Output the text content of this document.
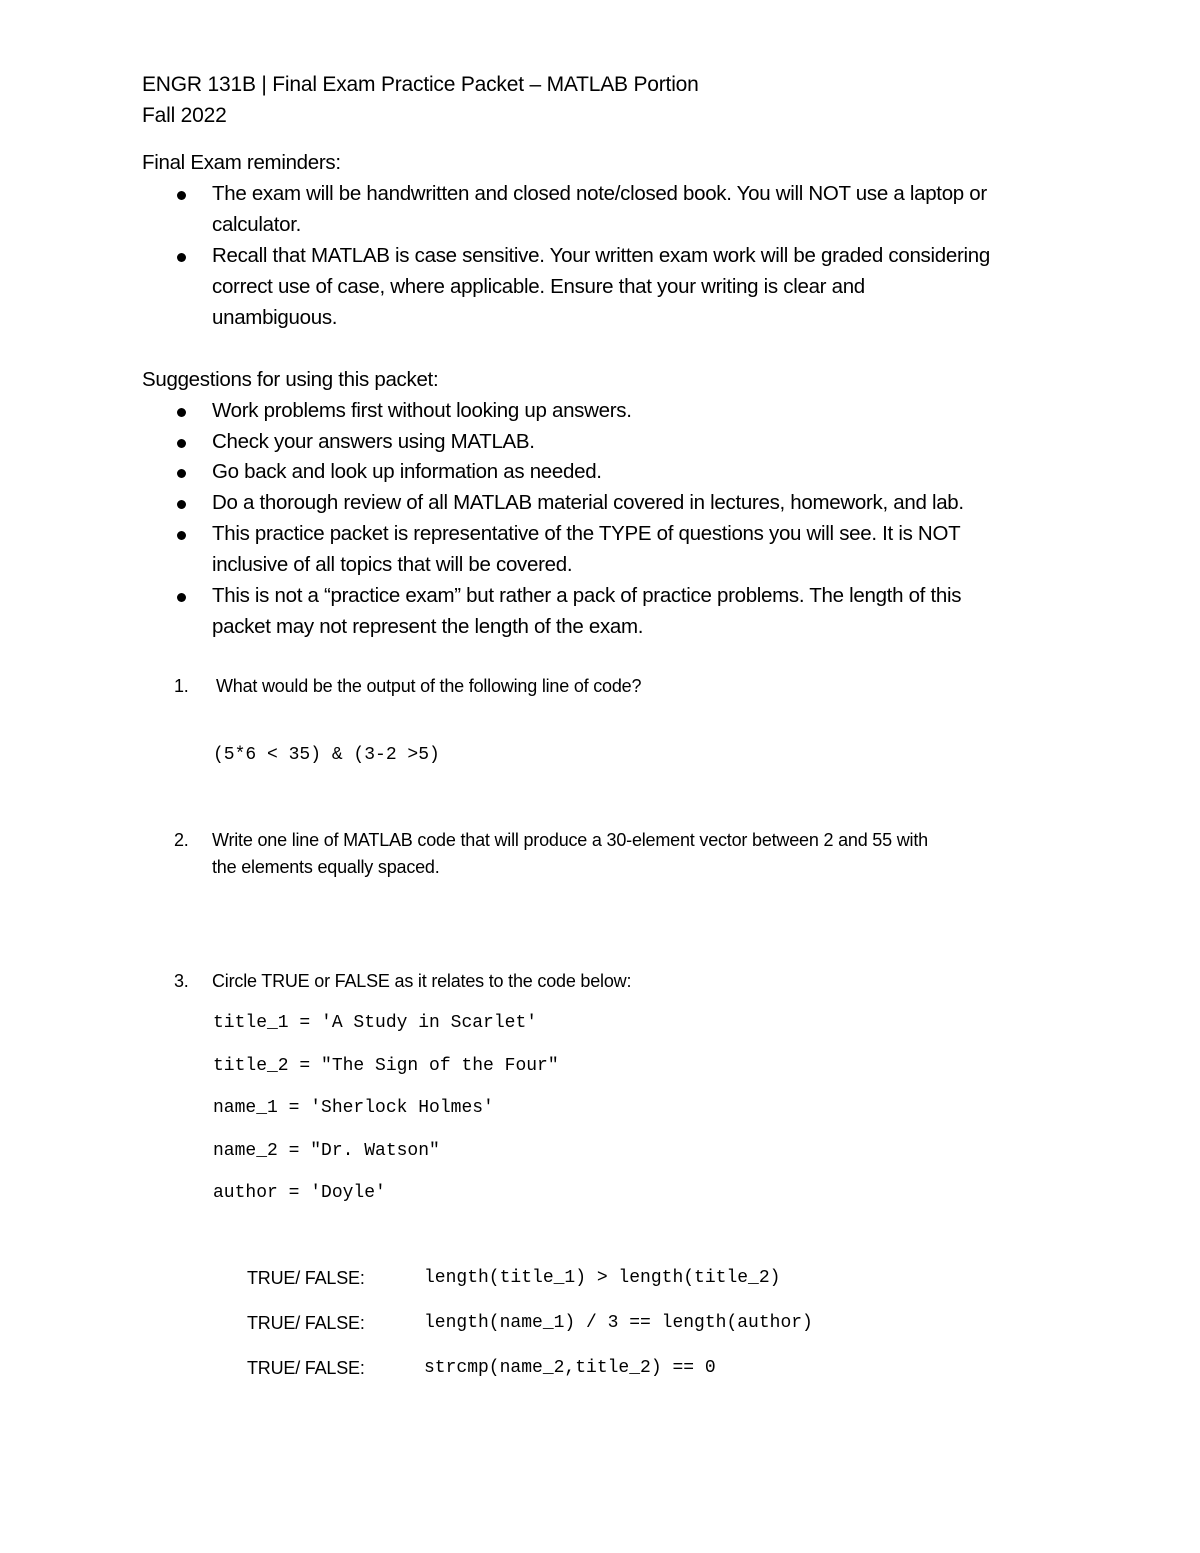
ENGR 131B | Final Exam Practice Packet – MATLAB Portion
Fall 2022
Final Exam reminders:
The exam will be handwritten and closed note/closed book. You will NOT use a laptop or
calculator.
Recall that MATLAB is case sensitive. Your written exam work will be graded considering
correct use of case, where applicable. Ensure that your writing is clear and
unambiguous.
Suggestions for using this packet:
Work problems first without looking up answers.
Check your answers using MATLAB.
Go back and look up information as needed.
Do a thorough review of all MATLAB material covered in lectures, homework, and lab.
This practice packet is representative of the TYPE of questions you will see. It is NOT
inclusive of all topics that will be covered.
This is not a “practice exam” but rather a pack of practice problems. The length of this
packet may not represent the length of the exam.
1. What would be the output of the following line of code?
(5*6 < 35) & (3-2 >5)
2. Write one line of MATLAB code that will produce a 30-element vector between 2 and 55 with
the elements equally spaced.
3. Circle TRUE or FALSE as it relates to the code below:
title_1 = 'A Study in Scarlet'
title_2 = "The Sign of the Four"
name_1 = 'Sherlock Holmes'
name_2 = "Dr. Watson"
author = 'Doyle'
TRUE/ FALSE:	length(title_1) > length(title_2)
TRUE/ FALSE:	length(name_1) / 3 == length(author)
TRUE/ FALSE:	strcmp(name_2,title_2) == 0
